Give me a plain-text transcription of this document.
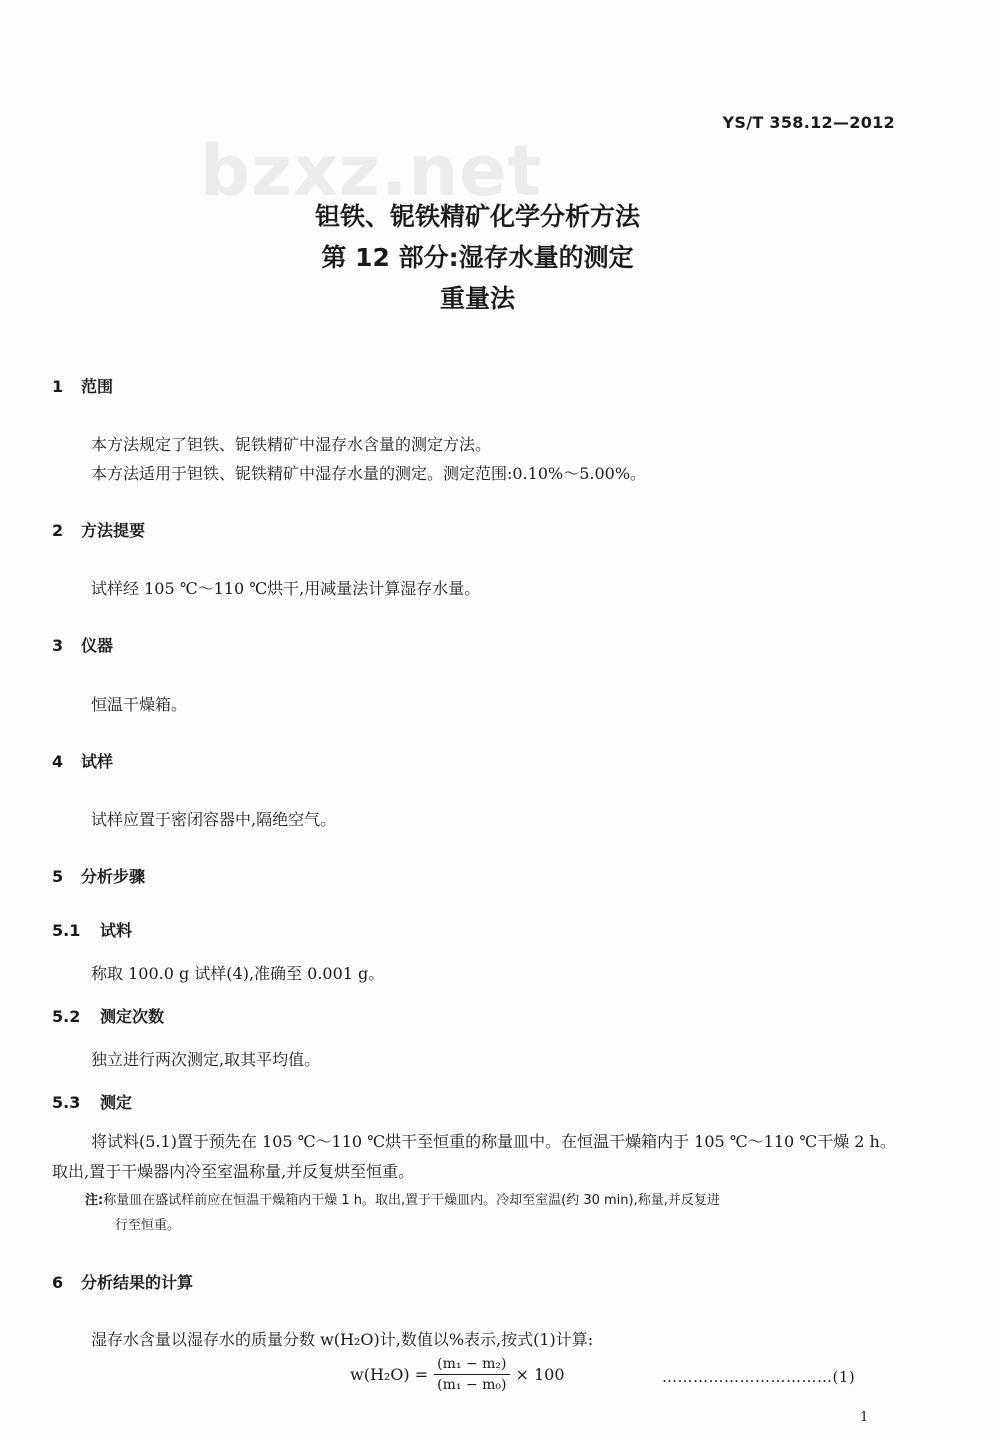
bzxz.net
YS/T 358.12—2012
钽铁、铌铁精矿化学分析方法
第 12 部分:湿存水量的测定
重量法
1 范围
本方法规定了钽铁、铌铁精矿中湿存水含量的测定方法。
本方法适用于钽铁、铌铁精矿中湿存水量的测定。测定范围:0.10%～5.00%。
2 方法提要
试样经 105 ℃～110 ℃烘干,用减量法计算湿存水量。
3 仪器
恒温干燥箱。
4 试样
试样应置于密闭容器中,隔绝空气。
5 分析步骤
5.1 试料
称取 100.0 g 试样(4),准确至 0.001 g。
5.2 测定次数
独立进行两次测定,取其平均值。
5.3 测定
将试料(5.1)置于预先在 105 ℃～110 ℃烘干至恒重的称量皿中。在恒温干燥箱内于 105 ℃～110 ℃干燥 2 h。取出,置于干燥器内冷至室温称量,并反复烘至恒重。
注:称量皿在盛试样前应在恒温干燥箱内干燥 1 h。取出,置于干燥皿内。冷却至室温(约 30 min),称量,并反复进
行至恒重。
6 分析结果的计算
湿存水含量以湿存水的质量分数 w(H₂O)计,数值以%表示,按式(1)计算:
$w(H_2O) = \frac{\text{(m₁ − m₂)}}{\text{(m₁ − m₀)}} \times 100$	……………………………(1)
1
